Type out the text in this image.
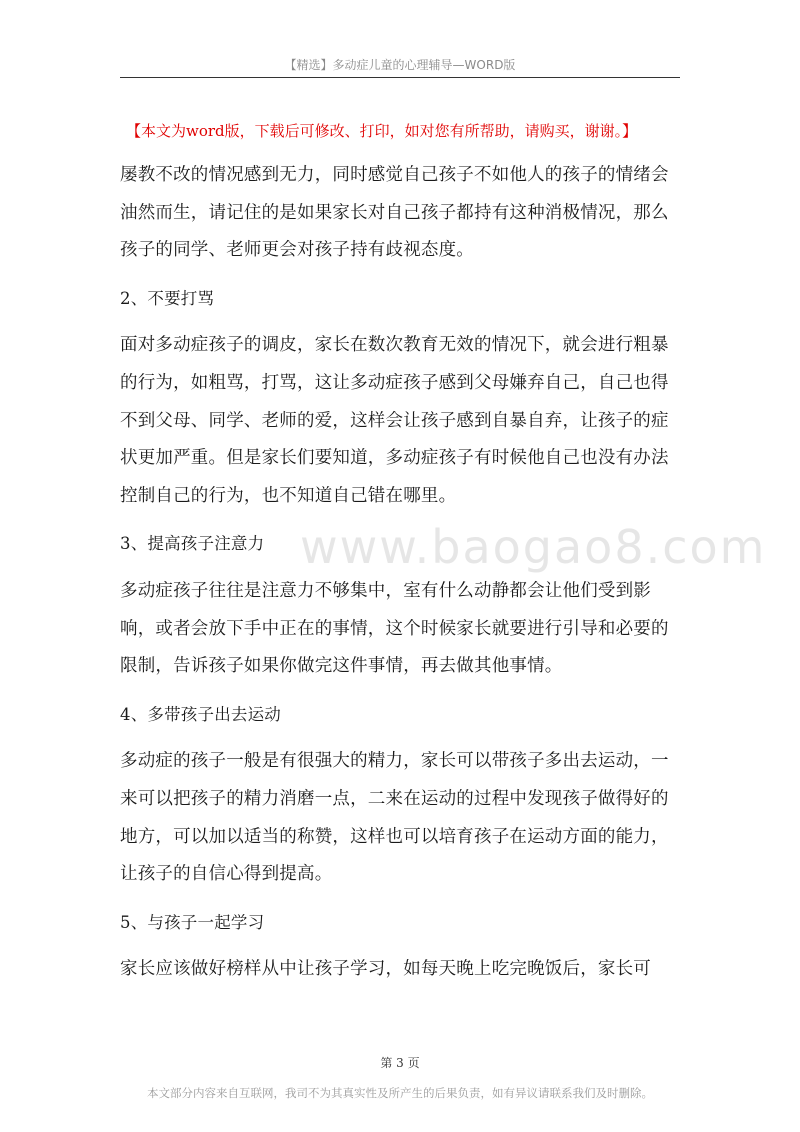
【精选】多动症儿童的心理辅导—WORD版
【本文为word版，下载后可修改、打印，如对您有所帮助，请购买，谢谢。】
www.baogao8.com

屡教不改的情况感到无力，同时感觉自己孩子不如他人的孩子的情绪会油然而生，请记住的是如果家长对自己孩子都持有这种消极情况，那么孩子的同学、老师更会对孩子持有歧视态度。

2、不要打骂

面对多动症孩子的调皮，家长在数次教育无效的情况下，就会进行粗暴的行为，如粗骂，打骂，这让多动症孩子感到父母嫌弃自己，自己也得不到父母、同学、老师的爱，这样会让孩子感到自暴自弃，让孩子的症状更加严重。但是家长们要知道，多动症孩子有时候他自己也没有办法控制自己的行为，也不知道自己错在哪里。

3、提高孩子注意力

多动症孩子往往是注意力不够集中，室有什么动静都会让他们受到影响，或者会放下手中正在的事情，这个时候家长就要进行引导和必要的限制，告诉孩子如果你做完这件事情，再去做其他事情。

4、多带孩子出去运动

多动症的孩子一般是有很强大的精力，家长可以带孩子多出去运动，一来可以把孩子的精力消磨一点，二来在运动的过程中发现孩子做得好的地方，可以加以适当的称赞，这样也可以培育孩子在运动方面的能力，让孩子的自信心得到提高。

5、与孩子一起学习

家长应该做好榜样从中让孩子学习，如每天晚上吃完晚饭后，家长可

第 3 页
本文部分内容来自互联网，我司不为其真实性及所产生的后果负责，如有异议请联系我们及时删除。
